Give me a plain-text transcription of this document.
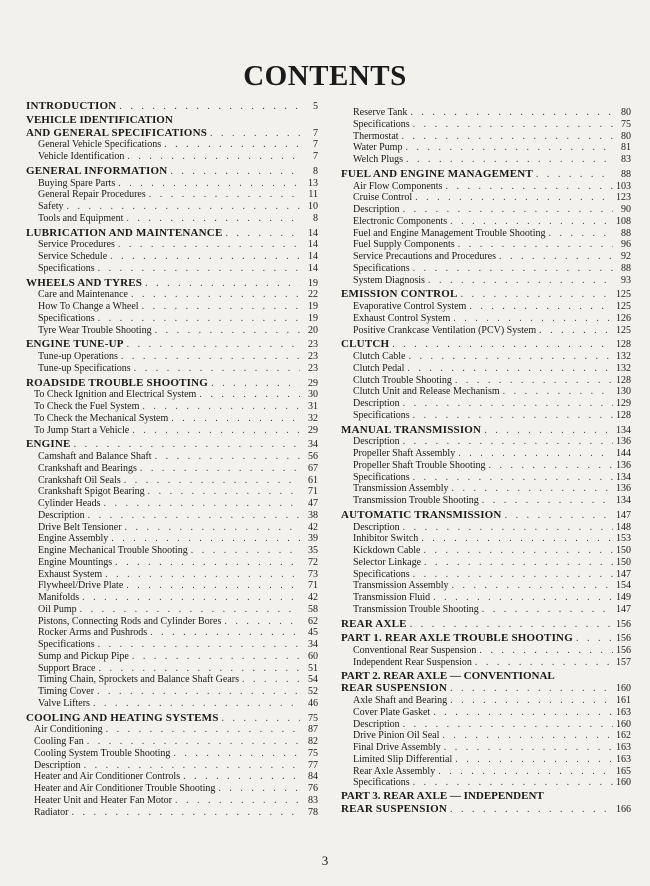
CONTENTS
INTRODUCTION . . .	5
VEHICLE IDENTIFICATION
AND GENERAL SPECIFICATIONS . . .	7
General Vehicle Specifications . . .	7
Vehicle Identification . . .	7
GENERAL INFORMATION . . .	8
Buying Spare Parts . . .	13
General Repair Procedures . . .	11
Safety . . .	10
Tools and Equipment . . .	8
LUBRICATION AND MAINTENANCE . . .	14
Service Procedures . . .	14
Service Schedule . . .	14
Specifications . . .	14
WHEELS AND TYRES . . .	19
Care and Maintenance . . .	22
How To Change a Wheel . . .	19
Specifications . . .	19
Tyre Wear Trouble Shooting . . .	20
ENGINE TUNE-UP . . .	23
Tune-up Operations . . .	23
Tune-up Specifications . . .	23
ROADSIDE TROUBLE SHOOTING . . .	29
To Check Ignition and Electrical System . . .	30
To Check the Fuel System . . .	31
To Check the Mechanical System . . .	32
To Jump Start a Vehicle . . .	29
ENGINE . . .	34
Camshaft and Balance Shaft . . .	56
Crankshaft and Bearings . . .	67
Crankshaft Oil Seals . . .	61
Crankshaft Spigot Bearing . . .	71
Cylinder Heads . . .	47
Description . . .	38
Drive Belt Tensioner . . .	42
Engine Assembly . . .	39
Engine Mechanical Trouble Shooting . . .	35
Engine Mountings . . .	72
Exhaust System . . .	73
Flywheel/Drive Plate . . .	71
Manifolds . . .	42
Oil Pump . . .	58
Pistons, Connecting Rods and Cylinder Bores . . .	62
Rocker Arms and Pushrods . . .	45
Specifications . . .	34
Sump and Pickup Pipe . . .	60
Support Brace . . .	51
Timing Chain, Sprockets and Balance Shaft Gears . . .	54
Timing Cover . . .	52
Valve Lifters . . .	46
COOLING AND HEATING SYSTEMS . . .	75
Air Conditioning . . .	87
Cooling Fan . . .	82
Cooling System Trouble Shooting . . .	75
Description . . .	77
Heater and Air Conditioner Controls . . .	84
Heater and Air Conditioner Trouble Shooting . . .	76
Heater Unit and Heater Fan Motor . . .	83
Radiator . . .	78
Reserve Tank . . .	80
Specifications . . .	75
Thermostat . . .	80
Water Pump . . .	81
Welch Plugs . . .	83
FUEL AND ENGINE MANAGEMENT . . .	88
Air Flow Components . . .	103
Cruise Control . . .	123
Description . . .	90
Electronic Components . . .	108
Fuel and Engine Management Trouble Shooting . . .	88
Fuel Supply Components . . .	96
Service Precautions and Procedures . . .	92
Specifications . . .	88
System Diagnosis . . .	93
EMISSION CONTROL . . .	125
Evaporative Control System . . .	125
Exhaust Control System . . .	126
Positive Crankcase Ventilation (PCV) System . . .	125
CLUTCH . . .	128
Clutch Cable . . .	132
Clutch Pedal . . .	132
Clutch Trouble Shooting . . .	128
Clutch Unit and Release Mechanism . . .	130
Description . . .	129
Specifications . . .	128
MANUAL TRANSMISSION . . .	134
Description . . .	136
Propeller Shaft Assembly . . .	144
Propeller Shaft Trouble Shooting . . .	136
Specifications . . .	134
Transmission Assembly . . .	136
Transmission Trouble Shooting . . .	134
AUTOMATIC TRANSMISSION . . .	147
Description . . .	148
Inhibitor Switch . . .	153
Kickdown Cable . . .	150
Selector Linkage . . .	150
Specifications . . .	147
Transmission Assembly . . .	154
Transmission Fluid . . .	149
Transmission Trouble Shooting . . .	147
REAR AXLE . . .	156
PART 1. REAR AXLE TROUBLE SHOOTING . . .	156
Conventional Rear Suspension . . .	156
Independent Rear Suspension . . .	157
PART 2. REAR AXLE — CONVENTIONAL
REAR SUSPENSION . . .	160
Axle Shaft and Bearing . . .	161
Cover Plate Gasket . . .	163
Description . . .	160
Drive Pinion Oil Seal . . .	162
Final Drive Assembly . . .	163
Limited Slip Differential . . .	163
Rear Axle Assembly . . .	165
Specifications . . .	160
PART 3. REAR AXLE — INDEPENDENT
REAR SUSPENSION . . .	166
3
